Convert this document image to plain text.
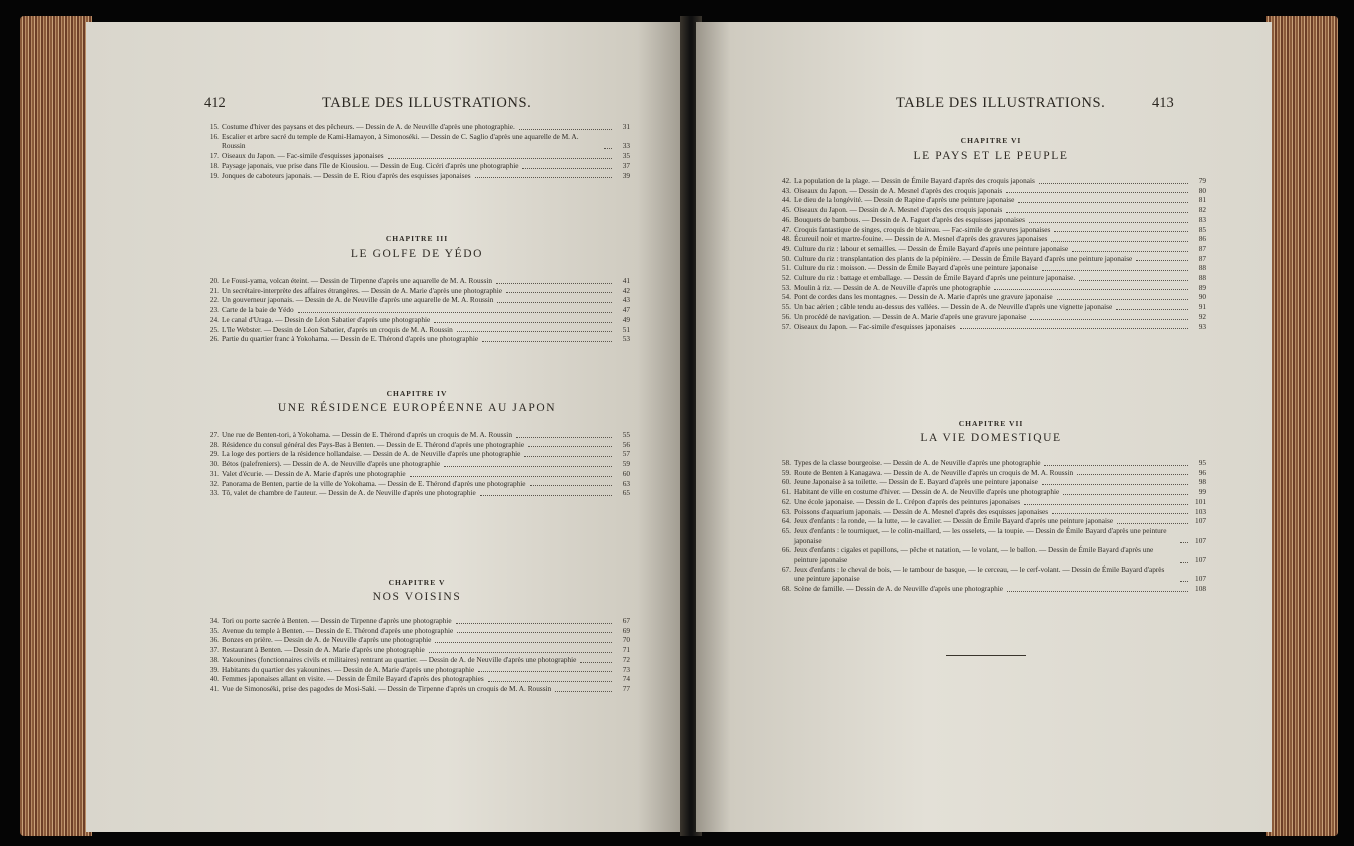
412	TABLE DES ILLUSTRATIONS.
15. Costume d'hiver des paysans et des pêcheurs. — Dessin de A. de Neuville d'après une photographie.	31
16. Escalier et arbre sacré du temple de Kami-Hamayon, à Simonoséki. — Dessin de C. Saglio d'après une aquarelle de M. A. Roussin	33
17. Oiseaux du Japon. — Fac-simile d'esquisses japonaises	35
18. Paysage japonais, vue prise dans l'île de Kiousiou. — Dessin de Eug. Cicéri d'après une photographie	37
19. Jonques de caboteurs japonais. — Dessin de E. Riou d'après des esquisses japonaises	39
CHAPITRE III
LE GOLFE DE YÉDO
20. Le Fousi-yama, volcan éteint. — Dessin de Tirpenne d'après une aquarelle de M. A. Roussin	41
21. Un secrétaire-interprète des affaires étrangères. — Dessin de A. Marie d'après une photographie	42
22. Un gouverneur japonais. — Dessin de A. de Neuville d'après une aquarelle de M. A. Roussin	43
23. Carte de la baie de Yédo	47
24. Le canal d'Uraga. — Dessin de Léon Sabatier d'après une photographie	49
25. L'île Webster. — Dessin de Léon Sabatier, d'après un croquis de M. A. Roussin	51
26. Partie du quartier franc à Yokohama. — Dessin de E. Thérond d'après une photographie	53
CHAPITRE IV
UNE RÉSIDENCE EUROPÉENNE AU JAPON
27. Une rue de Benten-tori, à Yokohama. — Dessin de E. Thérond d'après un croquis de M. A. Roussin	55
28. Résidence du consul général des Pays-Bas à Benten. — Dessin de E. Thérond d'après une photographie	56
29. La loge des portiers de la résidence hollandaise. — Dessin de A. de Neuville d'après une photographie	57
30. Bétos (palefreniers). — Dessin de A. de Neuville d'après une photographie	59
31. Valet d'écurie. — Dessin de A. Marie d'après une photographie	60
32. Panorama de Benten, partie de la ville de Yokohama. — Dessin de E. Thérond d'après une photographie	63
33. Tô, valet de chambre de l'auteur. — Dessin de A. de Neuville d'après une photographie	65
CHAPITRE V
NOS VOISINS
34. Tori ou porte sacrée à Benten. — Dessin de Tirpenne d'après une photographie	67
35. Avenue du temple à Benten. — Dessin de E. Thérond d'après une photographie	69
36. Bonzes en prière. — Dessin de A. de Neuville d'après une photographie	70
37. Restaurant à Benten. — Dessin de A. Marie d'après une photographie	71
38. Yakounines (fonctionnaires civils et militaires) rentrant au quartier. — Dessin de A. de Neuville d'après une photographie	72
39. Habitants du quartier des yakounines. — Dessin de A. Marie d'après une photographie	73
40. Femmes japonaises allant en visite. — Dessin de Émile Bayard d'après des photographies	74
41. Vue de Simonoséki, prise des pagodes de Mosi-Saki. — Dessin de Tirpenne d'après un croquis de M. A. Roussin	77
TABLE DES ILLUSTRATIONS.	413
CHAPITRE VI
LE PAYS ET LE PEUPLE
42. La population de la plage. — Dessin de Émile Bayard d'après des croquis japonais	79
43. Oiseaux du Japon. — Dessin de A. Mesnel d'après des croquis japonais	80
44. Le dieu de la longévité. — Dessin de Rapine d'après une peinture japonaise	81
45. Oiseaux du Japon. — Dessin de A. Mesnel d'après des croquis japonais	82
46. Bouquets de bambous. — Dessin de A. Faguet d'après des esquisses japonaises	83
47. Croquis fantastique de singes, croquis de blaireau. — Fac-simile de gravures japonaises	85
48. Écureuil noir et martre-fouine. — Dessin de A. Mesnel d'après des gravures japonaises	86
49. Culture du riz : labour et semailles. — Dessin de Émile Bayard d'après une peinture japonaise	87
50. Culture du riz : transplantation des plants de la pépinière. — Dessin de Émile Bayard d'après une peinture japonaise	87
51. Culture du riz : moisson. — Dessin de Émile Bayard d'après une peinture japonaise	88
52. Culture du riz : battage et emballage. — Dessin de Émile Bayard d'après une peinture japonaise.	88
53. Moulin à riz. — Dessin de A. de Neuville d'après une photographie	89
54. Pont de cordes dans les montagnes. — Dessin de A. Marie d'après une gravure japonaise	90
55. Un bac aérien ; câble tendu au-dessus des vallées. — Dessin de A. de Neuville d'après une vignette japonaise	91
56. Un procédé de navigation. — Dessin de A. Marie d'après une gravure japonaise	92
57. Oiseaux du Japon. — Fac-simile d'esquisses japonaises	93
CHAPITRE VII
LA VIE DOMESTIQUE
58. Types de la classe bourgeoise. — Dessin de A. de Neuville d'après une photographie	95
59. Route de Benten à Kanagawa. — Dessin de A. de Neuville d'après un croquis de M. A. Roussin	96
60. Jeune Japonaise à sa toilette. — Dessin de E. Bayard d'après une peinture japonaise	98
61. Habitant de ville en costume d'hiver. — Dessin de A. de Neuville d'après une photographie	99
62. Une école japonaise. — Dessin de L. Crépon d'après des peintures japonaises	101
63. Poissons d'aquarium japonais. — Dessin de A. Mesnel d'après des esquisses japonaises	103
64. Jeux d'enfants : la ronde, — la lutte, — le cavalier. — Dessin de Émile Bayard d'après une peinture japonaise	107
65. Jeux d'enfants : le tourniquet, — le colin-maillard, — les osselets, — la toupie. — Dessin de Émile Bayard d'après une peinture japonaise	107
66. Jeux d'enfants : cigales et papillons, — pêche et natation, — le volant, — le ballon. — Dessin de Émile Bayard d'après une peinture japonaise	107
67. Jeux d'enfants : le cheval de bois, — le tambour de basque, — le cerceau, — le cerf-volant. — Dessin de Émile Bayard d'après une peinture japonaise	107
68. Scène de famille. — Dessin de A. de Neuville d'après une photographie	108
